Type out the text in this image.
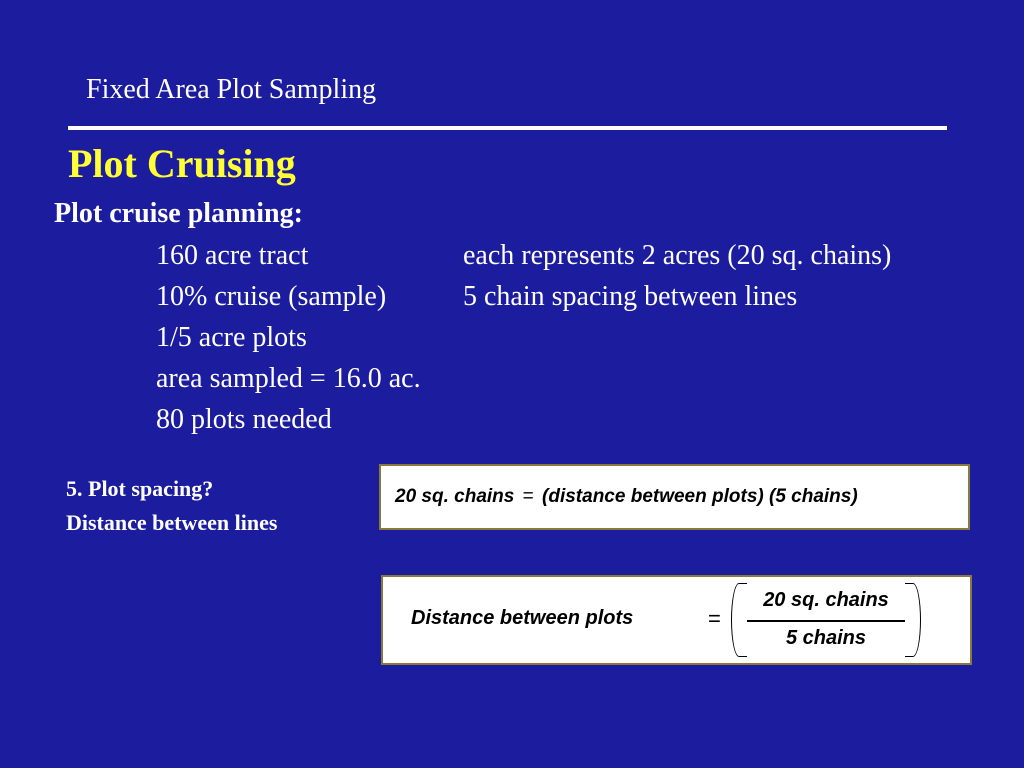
Fixed Area Plot Sampling
Plot Cruising
Plot cruise planning:
160 acre tract
10% cruise (sample)
1/5 acre plots
area sampled = 16.0 ac.
80 plots needed
each represents 2 acres (20 sq. chains)
5 chain spacing between lines
5. Plot spacing?
Distance between lines
20 sq. chains = (distance between plots) (5 chains)
Distance between plots	=
20 sq. chains
5 chains
